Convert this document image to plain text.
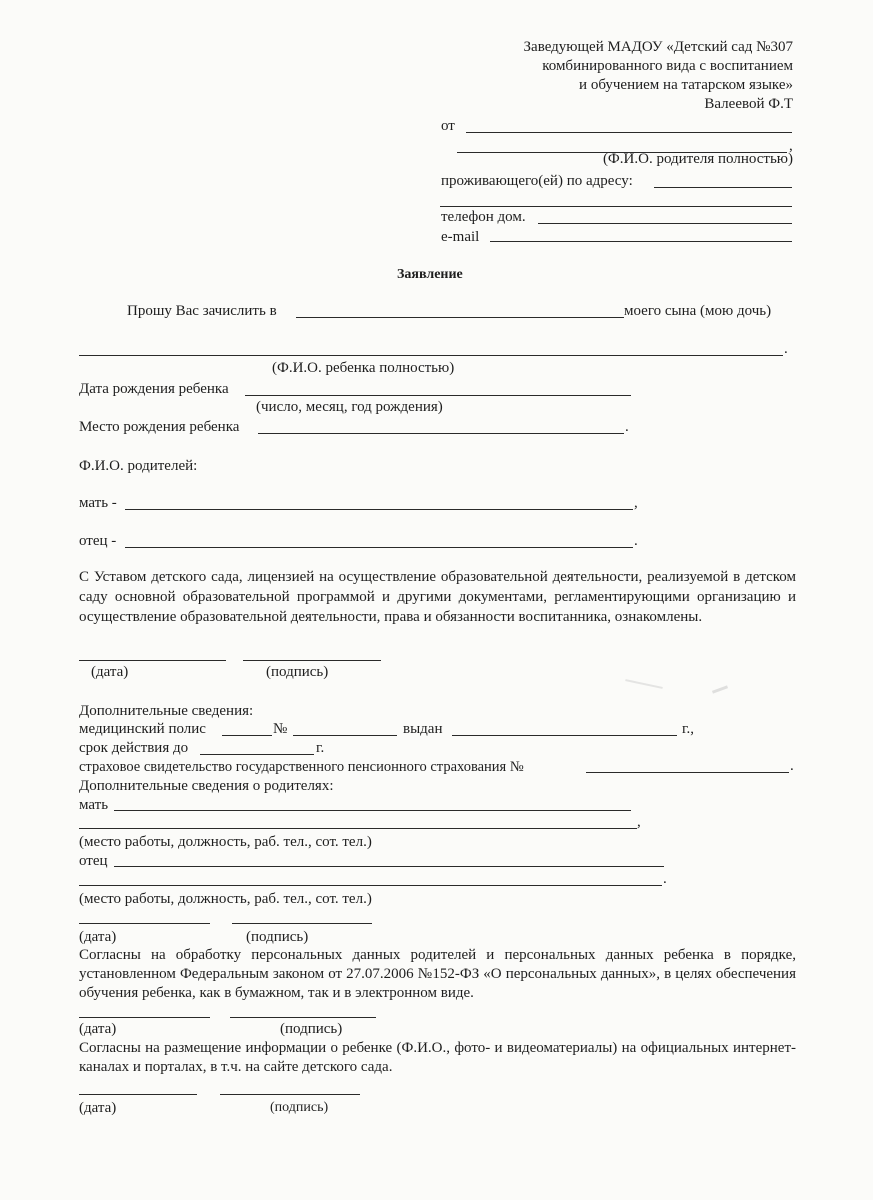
Заведующей МАДОУ «Детский сад №307
комбинированного вида с воспитанием
и обучением на татарском языке»
Валеевой Ф.Т
от
,
(Ф.И.О. родителя полностью)
проживающего(ей) по адресу:
телефон дом.
e-mail
Заявление
Прошу Вас зачислить в	моего сына (мою дочь)
.
(Ф.И.О. ребенка полностью)
Дата рождения ребенка
(число, месяц, год рождения)
Место рождения ребенка	.
Ф.И.О. родителей:
мать -	,
отец -	.
С Уставом детского сада, лицензией на осуществление образовательной деятельности, реализуемой в детском саду основной образовательной программой и другими документами, регламентирующими организацию и осуществление образовательной деятельности, права и обязанности воспитанника, ознакомлены.
(дата)	(подпись)
Дополнительные сведения:
медицинский полис	№	выдан	г.,
срок действия до	г.
страховое свидетельство государственного пенсионного страхования №	.
Дополнительные сведения о родителях:
мать
,
(место работы, должность, раб. тел., сот. тел.)
отец
.
(место работы, должность, раб. тел., сот. тел.)
(дата)	(подпись)
Согласны на обработку персональных данных родителей и персональных данных ребенка в порядке, установленном Федеральным законом от 27.07.2006 №152-ФЗ «О персональных данных», в целях обеспечения обучения ребенка, как в бумажном, так и в электронном виде.
(дата)	(подпись)
Согласны на размещение информации о ребенке (Ф.И.О., фото- и видеоматериалы) на официальных интернет-каналах и порталах, в т.ч. на сайте детского сада.
(дата)	(подпись)
